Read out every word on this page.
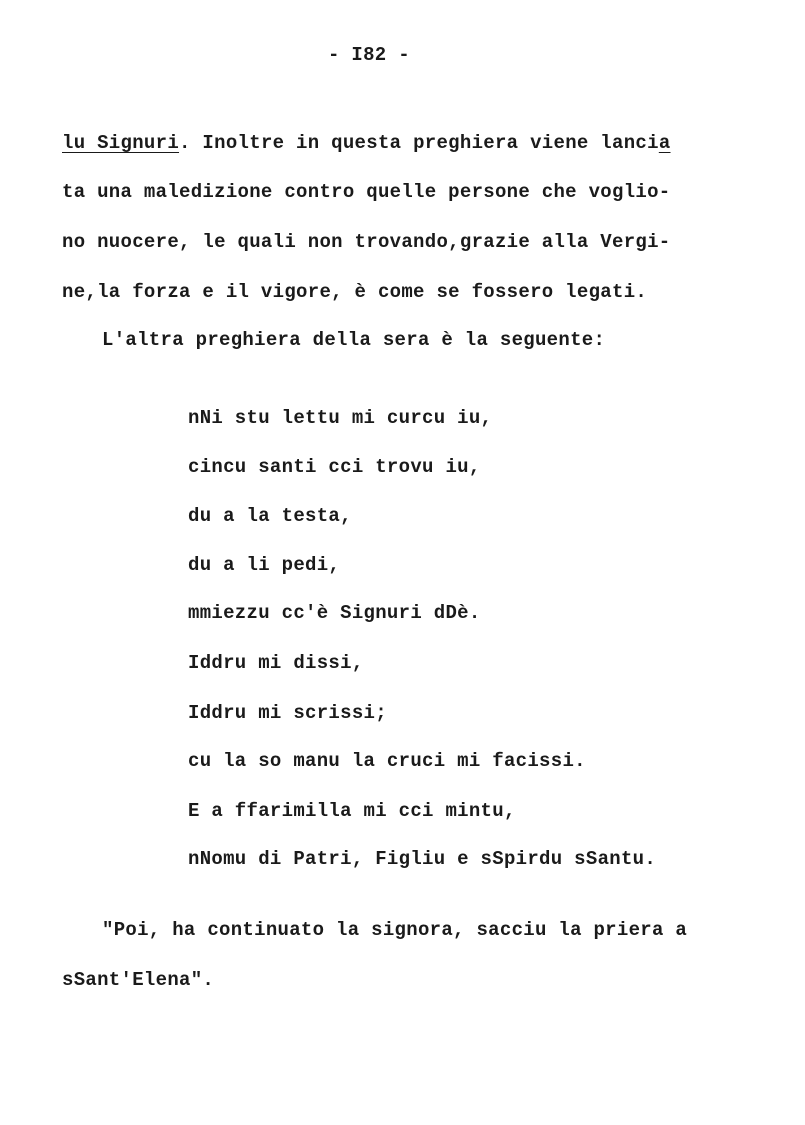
- I82 -
lu Signuri. Inoltre in questa preghiera viene lancia
ta una maledizione contro quelle persone che voglio-
no nuocere, le quali non trovando,grazie alla Vergi-
ne,la forza e il vigore, è come se fossero legati.
L'altra preghiera della sera è la seguente:
nNi stu lettu mi curcu iu,
cincu santi cci trovu iu,
du a la testa,
du a li pedi,
mmiezzu cc'è Signuri dDè.
Iddru mi dissi,
Iddru mi scrissi;
cu la so manu la cruci mi facissi.
E a ffarimilla mi cci mintu,
nNomu di Patri, Figliu e sSpirdu sSantu.
"Poi, ha continuato la signora, sacciu la priera a
sSant'Elena".
